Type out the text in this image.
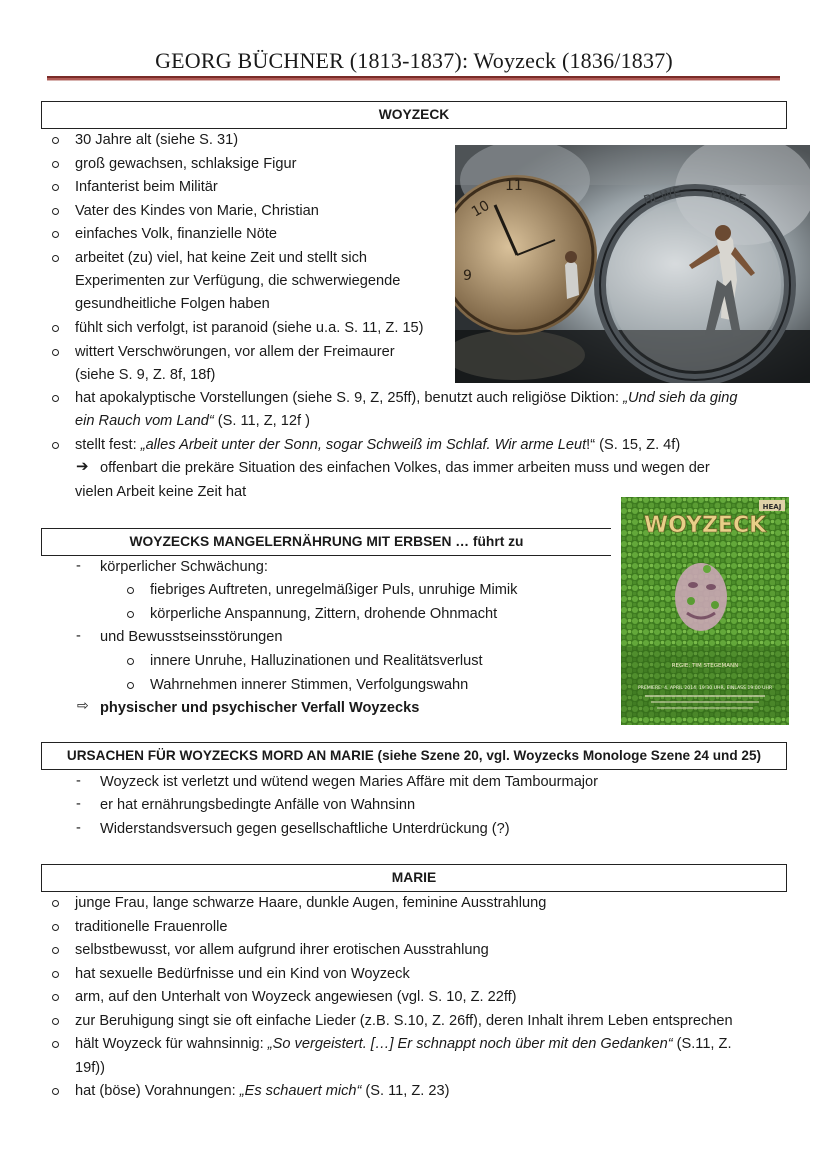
GEORG BÜCHNER (1813-1837): Woyzeck (1836/1837)
WOYZECK
30 Jahre alt (siehe S. 31)
groß gewachsen, schlaksige Figur
Infanterist beim Militär
Vater des Kindes von Marie, Christian
einfaches Volk, finanzielle Nöte
arbeitet (zu) viel, hat keine Zeit und stellt sich
Experimenten zur Verfügung, die schwerwiegende
gesundheitliche Folgen haben
fühlt sich verfolgt, ist paranoid (siehe u.a. S. 11, Z. 15)
wittert Verschwörungen, vor allem der Freimaurer
(siehe S. 9, Z. 8f, 18f)
hat apokalyptische Vorstellungen (siehe S. 9, Z, 25ff), benutzt auch religiöse Diktion: „Und sieh da ging
ein Rauch vom Land“ (S. 11, Z, 12f )
stellt fest: „alles Arbeit unter der Sonn, sogar Schweiß im Schlaf. Wir arme Leut!“ (S. 15, Z. 4f)
➔ offenbart die prekäre Situation des einfachen Volkes, das immer arbeiten muss und wegen der
vielen Arbeit keine Zeit hat
10
9
11	BEWE ERGE
WOYZECKS MANGELERNÄHRUNG MIT ERBSEN … führt zu
- körperlicher Schwächung:
fiebriges Auftreten, unregelmäßiger Puls, unruhige Mimik
körperliche Anspannung, Zittern, drohende Ohnmacht
- und Bewusstseinsstörungen
innere Unruhe, Halluzinationen und Realitätsverlust
Wahrnehmen innerer Stimmen, Verfolgungswahn
⇨ physischer und psychischer Verfall Woyzecks
HEAJ
WOYZECK
REGIE: TIM STEGEMANN
PREMIERE: 4. APRIL 2014, 19:30 UHR, EINLASS 19:00 UHR
URSACHEN FÜR WOYZECKS MORD AN MARIE (siehe Szene 20, vgl. Woyzecks Monologe Szene 24 und 25)
- Woyzeck ist verletzt und wütend wegen Maries Affäre mit dem Tambourmajor
- er hat ernährungsbedingte Anfälle von Wahnsinn
- Widerstandsversuch gegen gesellschaftliche Unterdrückung (?)
MARIE
junge Frau, lange schwarze Haare, dunkle Augen, feminine Ausstrahlung
traditionelle Frauenrolle
selbstbewusst, vor allem aufgrund ihrer erotischen Ausstrahlung
hat sexuelle Bedürfnisse und ein Kind von Woyzeck
arm, auf den Unterhalt von Woyzeck angewiesen (vgl. S. 10, Z. 22ff)
zur Beruhigung singt sie oft einfache Lieder (z.B. S.10, Z. 26ff), deren Inhalt ihrem Leben entsprechen
hält Woyzeck für wahnsinnig: „So vergeistert. […] Er schnappt noch über mit den Gedanken“ (S.11, Z.
19f))
hat (böse) Vorahnungen: „Es schauert mich“ (S. 11, Z. 23)
